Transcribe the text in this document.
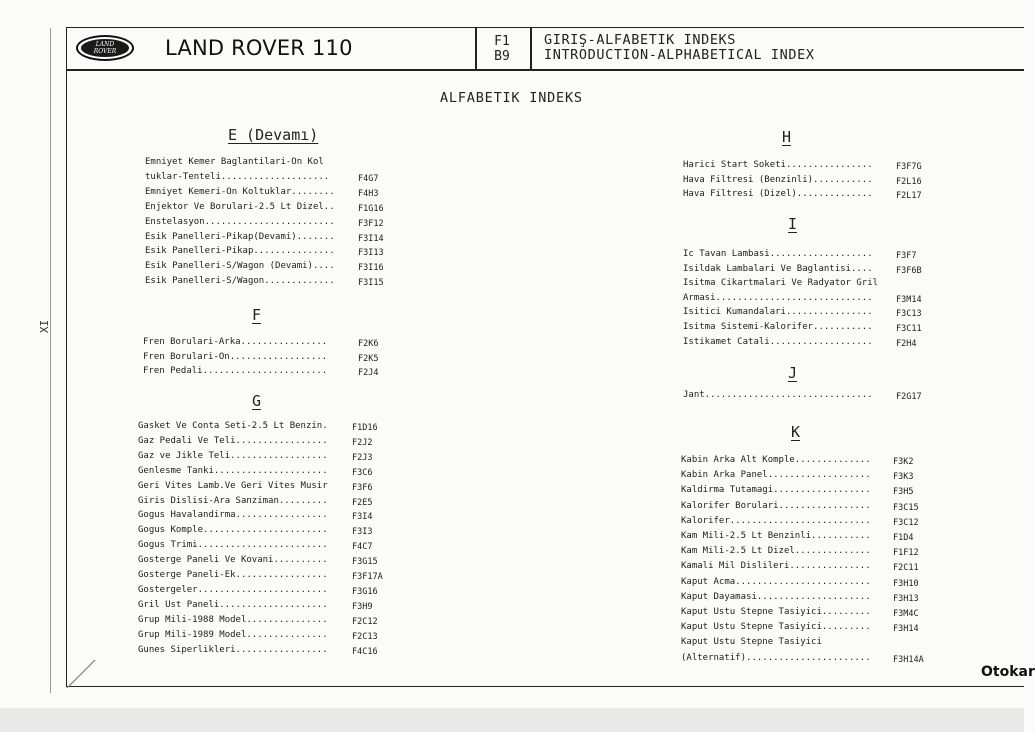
LAND
ROVER	LAND ROVER 110	F1
B9
GIRIŞ-ALFABETIK INDEKS
INTRODUCTION-ALPHABETICAL INDEX
ALFABETIK INDEKS
XI
Otokar
E (Devamı)
Emniyet Kemer Baglantilari-On Kol
tuklar-Tenteli....................	F4G7
Emniyet Kemeri-On Koltuklar........	F4H3
Enjektor Ve Borulari-2.5 Lt Dizel..	F1G16
Enstelasyon........................	F3F12
Esik Panelleri-Pikap(Devami).......	F3I14
Esik Panelleri-Pikap...............	F3I13
Esik Panelleri-S/Wagon (Devami)....	F3I16
Esik Panelleri-S/Wagon.............	F3I15
F
Fren Borulari-Arka................	F2K6
Fren Borulari-On..................	F2K5
Fren Pedali.......................	F2J4
G
Gasket Ve Conta Seti-2.5 Lt Benzin.	F1D16
Gaz Pedali Ve Teli.................	F2J2
Gaz ve Jikle Teli..................	F2J3
Genlesme Tanki.....................	F3C6
Geri Vites Lamb.Ve Geri Vites Musir	F3F6
Giris Dislisi-Ara Sanziman.........	F2E5
Gogus Havalandirma.................	F3I4
Gogus Komple.......................	F3I3
Gogus Trimi........................	F4C7
Gosterge Paneli Ve Kovani..........	F3G15
Gosterge Paneli-Ek.................	F3F17A
Gostergeler........................	F3G16
Gril Ust Paneli....................	F3H9
Grup Mili-1988 Model...............	F2C12
Grup Mili-1989 Model...............	F2C13
Gunes Siperlikleri.................	F4C16
H
Harici Start Soketi................	F3F7G
Hava Filtresi (Benzinli)...........	F2L16
Hava Filtresi (Dizel)..............	F2L17
I
Ic Tavan Lambasi...................	F3F7
Isildak Lambalari Ve Baglantisi....	F3F6B
Isitma Cikartmalari Ve Radyator Gril
Armasi.............................	F3M14
Isitici Kumandalari................	F3C13
Isitma Sistemi-Kalorifer...........	F3C11
Istikamet Catali...................	F2H4
J
Jant...............................	F2G17
K
Kabin Arka Alt Komple..............	F3K2
Kabin Arka Panel...................	F3K3
Kaldirma Tutamagi..................	F3H5
Kalorifer Borulari.................	F3C15
Kalorifer..........................	F3C12
Kam Mili-2.5 Lt Benzinli...........	F1D4
Kam Mili-2.5 Lt Dizel..............	F1F12
Kamali Mil Dislileri...............	F2C11
Kaput Acma.........................	F3H10
Kaput Dayamasi.....................	F3H13
Kaput Ustu Stepne Tasiyici.........	F3M4C
Kaput Ustu Stepne Tasiyici.........	F3H14
Kaput Ustu Stepne Tasiyici
(Alternatif).......................	F3H14A
